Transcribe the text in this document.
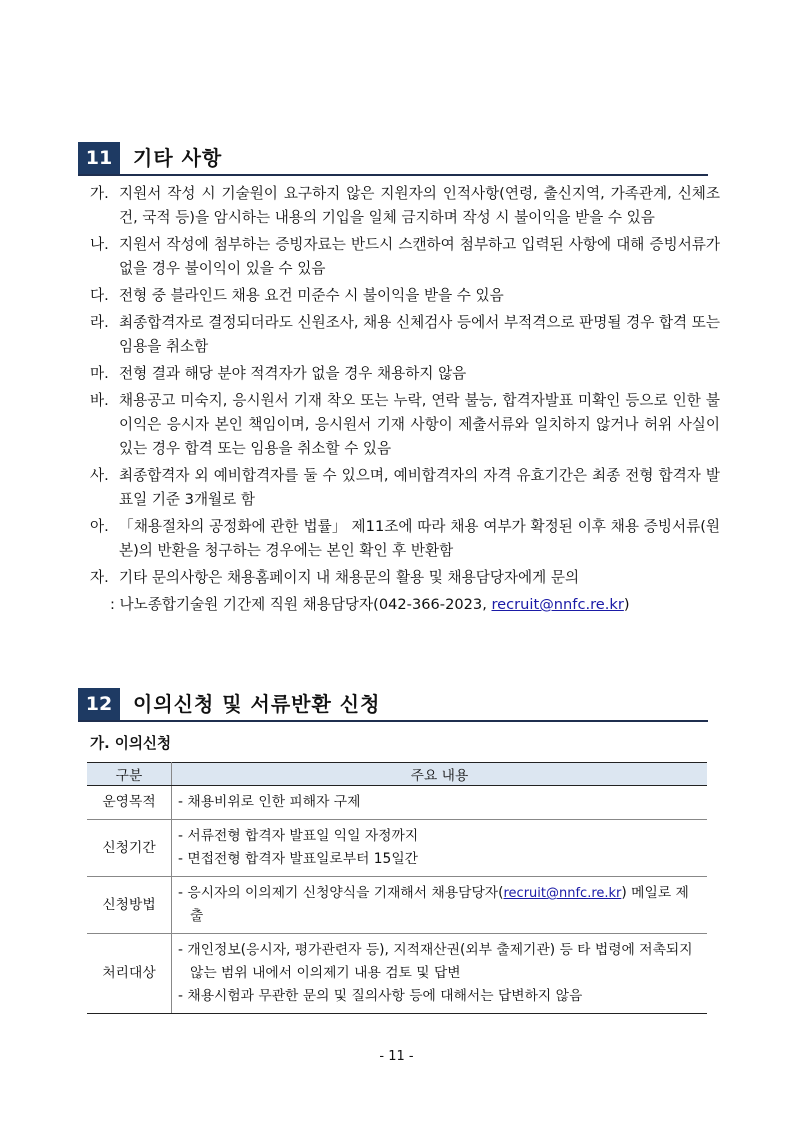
11	기타 사항
가. 지원서 작성 시 기술원이 요구하지 않은 지원자의 인적사항(연령, 출신지역, 가족관계, 신체조건, 국적 등)을 암시하는 내용의 기입을 일체 금지하며 작성 시 불이익을 받을 수 있음
나. 지원서 작성에 첨부하는 증빙자료는 반드시 스캔하여 첨부하고 입력된 사항에 대해 증빙서류가 없을 경우 불이익이 있을 수 있음
다. 전형 중 블라인드 채용 요건 미준수 시 불이익을 받을 수 있음
라. 최종합격자로 결정되더라도 신원조사, 채용 신체검사 등에서 부적격으로 판명될 경우 합격 또는 임용을 취소함
마. 전형 결과 해당 분야 적격자가 없을 경우 채용하지 않음
바. 채용공고 미숙지, 응시원서 기재 착오 또는 누락, 연락 불능, 합격자발표 미확인 등으로 인한 불이익은 응시자 본인 책임이며, 응시원서 기재 사항이 제출서류와 일치하지 않거나 허위 사실이 있는 경우 합격 또는 임용을 취소할 수 있음
사. 최종합격자 외 예비합격자를 둘 수 있으며, 예비합격자의 자격 유효기간은 최종 전형 합격자 발표일 기준 3개월로 함
아. 「채용절차의 공정화에 관한 법률」 제11조에 따라 채용 여부가 확정된 이후 채용 증빙서류(원본)의 반환을 청구하는 경우에는 본인 확인 후 반환함
자. 기타 문의사항은 채용홈페이지 내 채용문의 활용 및 채용담당자에게 문의
: 나노종합기술원 기간제 직원 채용담당자(042-366-2023, recruit@nnfc.re.kr)
12	이의신청 및 서류반환 신청
가. 이의신청
구분	주요 내용
운영목적	- 채용비위로 인한 피해자 구제

신청기간	- 서류전형 합격자 발표일 익일 자정까지
- 면접전형 합격자 발표일로부터 15일간

신청방법	- 응시자의 이의제기 신청양식을 기재해서 채용담당자(recruit@nnfc.re.kr) 메일로 제출

처리대상	- 개인정보(응시자, 평가관련자 등), 지적재산권(외부 출제기관) 등 타 법령에 저촉되지 않는 범위 내에서 이의제기 내용 검토 및 답변
- 채용시험과 무관한 문의 및 질의사항 등에 대해서는 답변하지 않음
- 11 -
